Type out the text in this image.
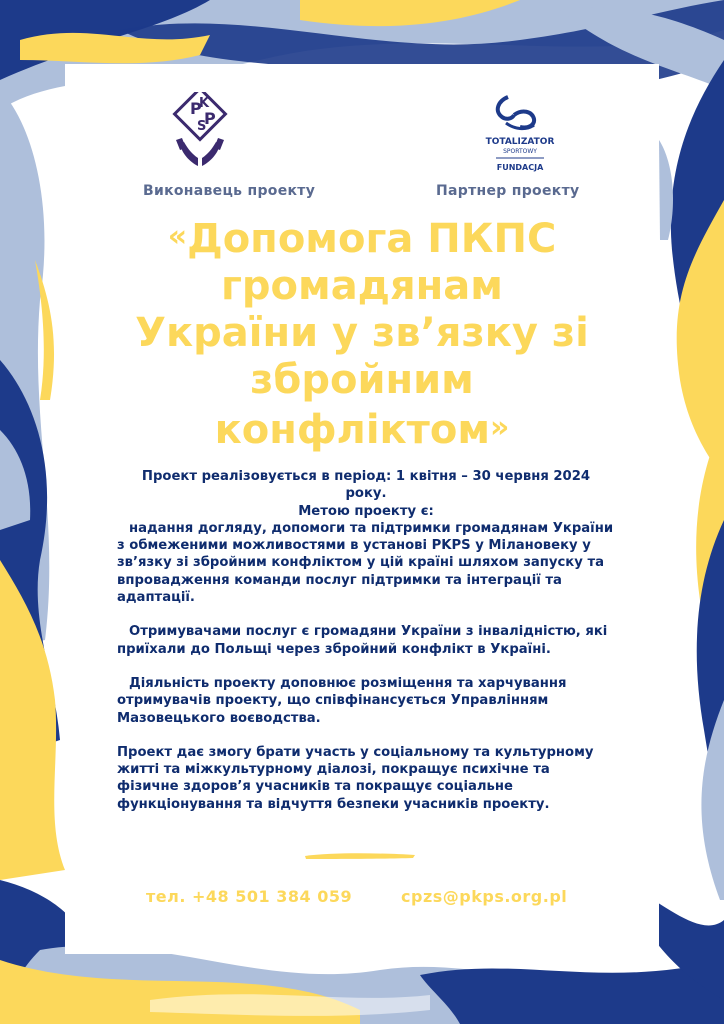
P
K
P
S
TOTALIZATOR
SPORTOWY
FUNDACJA
Виконавець проекту	Партнер проекту
«Допомога ПКПС
громадянам
України у зв’язку зі
збройним
конфліктом»

Проект реалізовується в період: 1 квітня – 30 червня 2024
року.

Метою проекту є:

надання догляду, допомоги та підтримки громадянам України з обмеженими можливостями в установі PKPS у Мілановеку у зв’язку зі збройним конфліктом у цій країні шляхом запуску та впровадження команди послуг підтримки та інтеграції та адаптації.

Отримувачами послуг є громадяни України з інвалідністю, які приїхали до Польщі через збройний конфлікт в Україні.

Діяльність проекту доповнює розміщення та харчування отримувачів проекту, що співфінансується Управлінням Мазовецького воєводства.

Проект дає змогу брати участь у соціальному та культурному житті та міжкультурному діалозі, покращує психічне та фізичне здоров’я учасників та покращує соціальне функціонування та відчуття безпеки учасників проекту.

тел. +48 501 384 059	cpzs@pkps.org.pl
